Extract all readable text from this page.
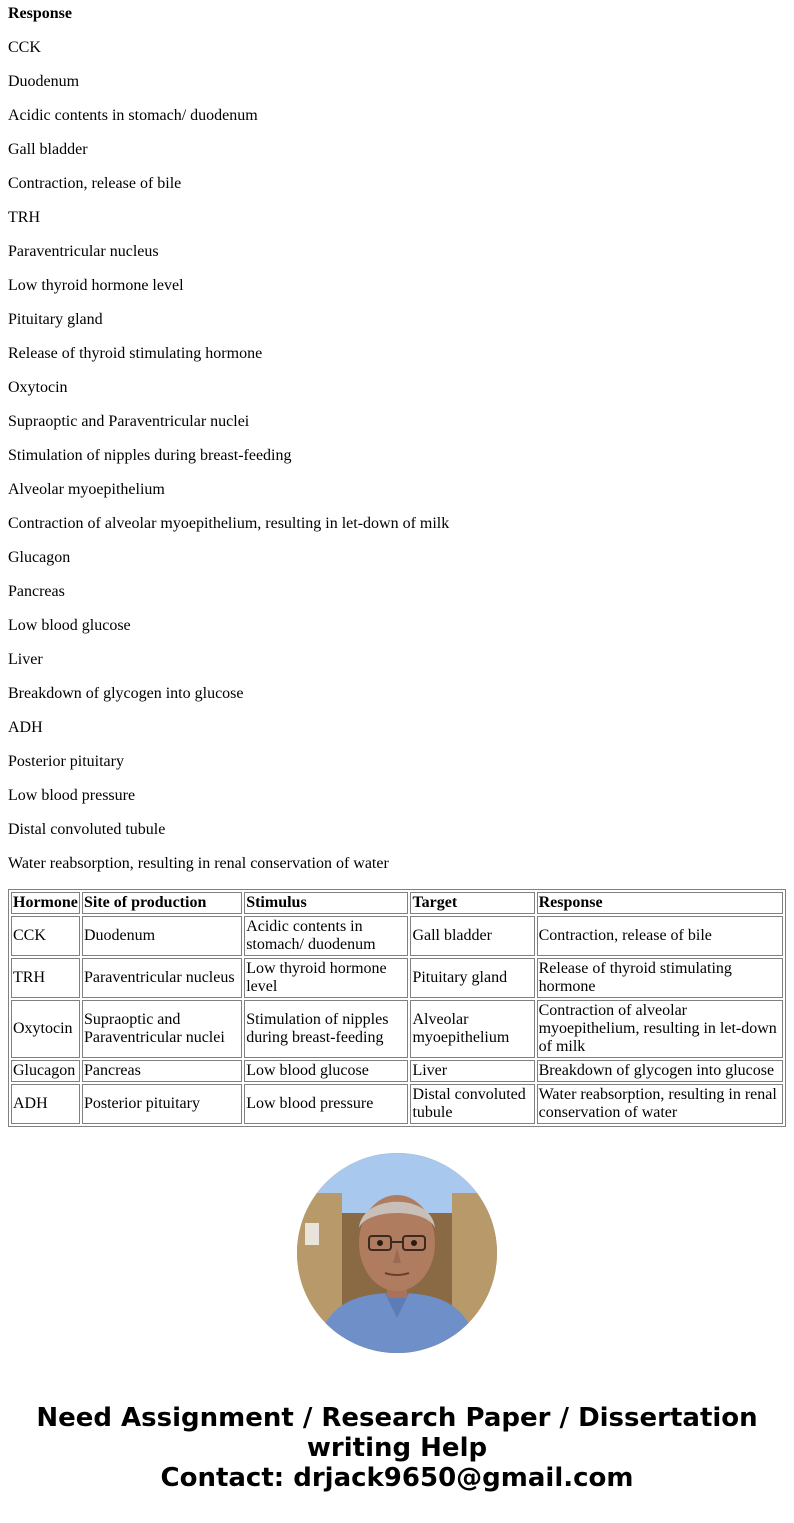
Response

CCK

Duodenum

Acidic contents in stomach/ duodenum

Gall bladder

Contraction, release of bile

TRH

Paraventricular nucleus

Low thyroid hormone level

Pituitary gland

Release of thyroid stimulating hormone

Oxytocin

Supraoptic and Paraventricular nuclei

Stimulation of nipples during breast-feeding

Alveolar myoepithelium

Contraction of alveolar myoepithelium, resulting in let-down of milk

Glucagon

Pancreas

Low blood glucose

Liver

Breakdown of glycogen into glucose

ADH

Posterior pituitary

Low blood pressure

Distal convoluted tubule

Water reabsorption, resulting in renal conservation of water

Hormone	Site of production	Stimulus	Target	Response
CCK	Duodenum	Acidic contents in stomach/ duodenum	Gall bladder	Contraction, release of bile
TRH	Paraventricular nucleus	Low thyroid hormone level	Pituitary gland	Release of thyroid stimulating hormone
Oxytocin	Supraoptic and Paraventricular nuclei	Stimulation of nipples during breast-feeding	Alveolar myoepithelium	Contraction of alveolar myoepithelium, resulting in let-down of milk
Glucagon	Pancreas	Low blood glucose	Liver	Breakdown of glycogen into glucose
ADH	Posterior pituitary	Low blood pressure	Distal convoluted tubule	Water reabsorption, resulting in renal conservation of water
Need Assignment / Research Paper / Dissertation
writing Help
Contact: drjack9650@gmail.com
